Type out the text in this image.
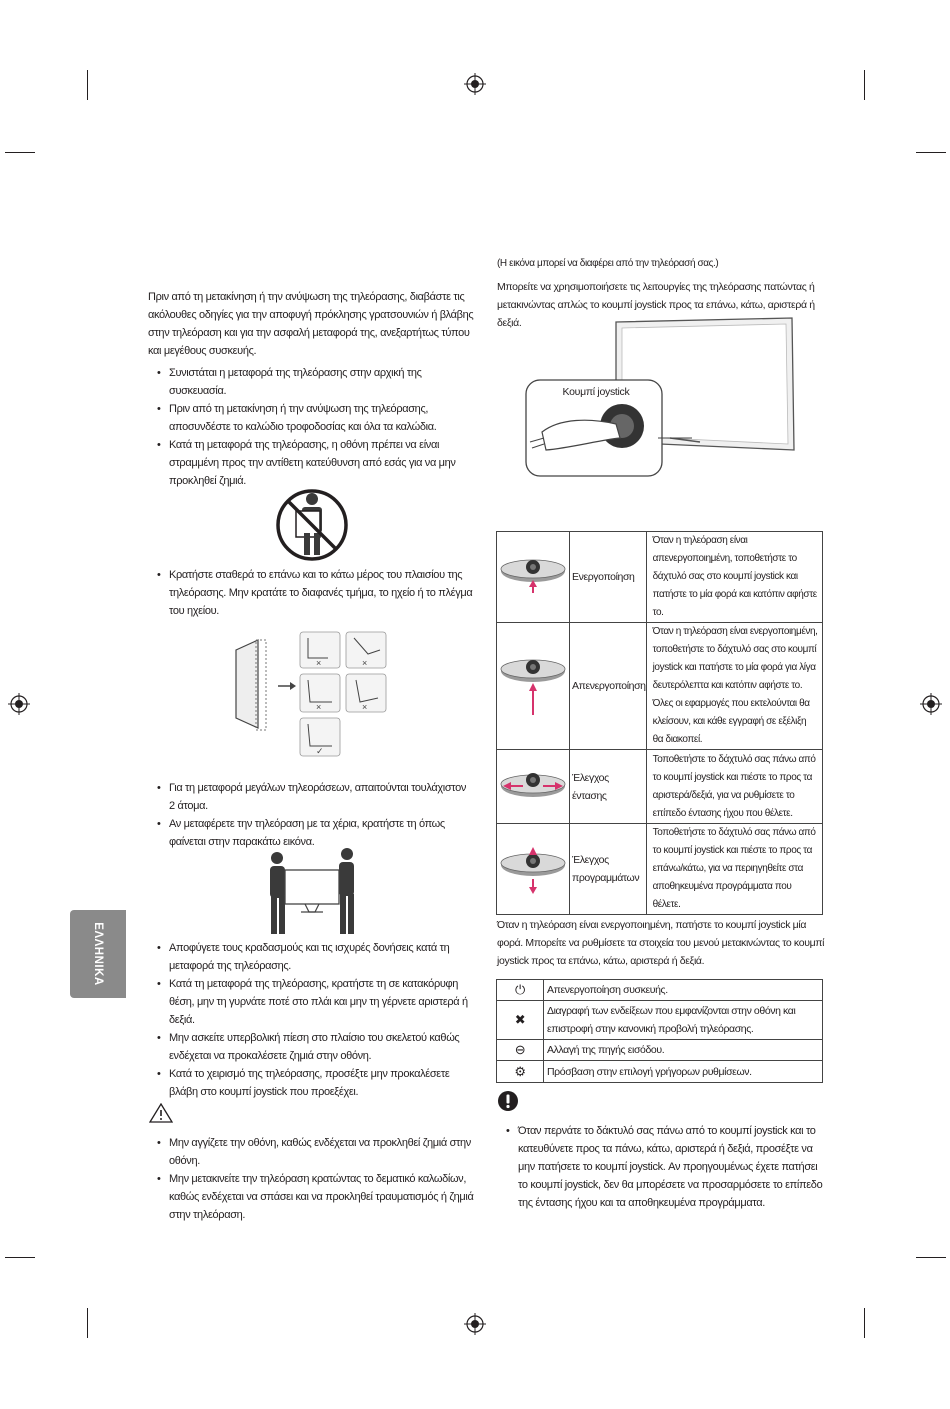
ΕΛΛΗΝΙΚΑ
Πριν από τη μετακίνηση ή την ανύψωση της τηλεόρασης, διαβάστε τις ακόλουθες οδηγίες για την αποφυγή πρόκλησης γρατσουνιών ή βλάβης στην τηλεόραση και για την ασφαλή μεταφορά της, ανεξαρτήτως τύπου και μεγέθους συσκευής.
• Συνιστάται η μεταφορά της τηλεόρασης στην αρχική της συσκευασία.
• Πριν από τη μετακίνηση ή την ανύψωση της τηλεόρασης, αποσυνδέστε το καλώδιο τροφοδοσίας και όλα τα καλώδια.
• Κατά τη μεταφορά της τηλεόρασης, η οθόνη πρέπει να είναι στραμμένη προς την αντίθετη κατεύθυνση από εσάς για να μην προκληθεί ζημιά.
• Κρατήστε σταθερά το επάνω και το κάτω μέρος του πλαισίου της τηλεόρασης. Μην κρατάτε το διαφανές τμήμα, το ηχείο ή το πλέγμα του ηχείου.
×	×
×	×
✓
• Για τη μεταφορά μεγάλων τηλεοράσεων, απαιτούνται τουλάχιστον 2 άτομα.
• Αν μεταφέρετε την τηλεόραση με τα χέρια, κρατήστε τη όπως φαίνεται στην παρακάτω εικόνα.
• Αποφύγετε τους κραδασμούς και τις ισχυρές δονήσεις κατά τη μεταφορά της τηλεόρασης.
• Κατά τη μεταφορά της τηλεόρασης, κρατήστε τη σε κατακόρυφη θέση, μην τη γυρνάτε ποτέ στο πλάι και μην τη γέρνετε αριστερά ή δεξιά.
• Μην ασκείτε υπερβολική πίεση στο πλαίσιο του σκελετού καθώς ενδέχεται να προκαλέσετε ζημιά στην οθόνη.
• Κατά το χειρισμό της τηλεόρασης, προσέξτε μην προκαλέσετε βλάβη στο κουμπί joystick που προεξέχει.
• Μην αγγίζετε την οθόνη, καθώς ενδέχεται να προκληθεί ζημιά στην οθόνη.
• Μην μετακινείτε την τηλεόραση κρατώντας το δεματικό καλωδίων, καθώς ενδέχεται να σπάσει και να προκληθεί τραυματισμός ή ζημιά στην τηλεόραση.
(Η εικόνα μπορεί να διαφέρει από την τηλεόρασή σας.)
Μπορείτε να χρησιμοποιήσετε τις λειτουργίες της τηλεόρασης πατώντας ή μετακινώντας απλώς το κουμπί joystick προς τα επάνω, κάτω, αριστερά ή δεξιά.
Κουμπί joystick
	Ενεργοποίηση	Όταν η τηλεόραση είναι απενεργοποιημένη, τοποθετήστε το δάχτυλό σας στο κουμπί joystick και πατήστε το μία φορά και κατόπιν αφήστε το.
	Απενεργοποίηση	Όταν η τηλεόραση είναι ενεργοποιημένη, τοποθετήστε το δάχτυλό σας στο κουμπί joystick και πατήστε το μία φορά για λίγα δευτερόλεπτα και κατόπιν αφήστε το. Όλες οι εφαρμογές που εκτελούνται θα κλείσουν, και κάθε εγγραφή σε εξέλιξη θα διακοπεί.
	Έλεγχος έντασης	Τοποθετήστε το δάχτυλό σας πάνω από το κουμπί joystick και πιέστε το προς τα αριστερά/δεξιά, για να ρυθμίσετε το επίπεδο έντασης ήχου που θέλετε.
	Έλεγχος προγραμμάτων	Τοποθετήστε το δάχτυλό σας πάνω από το κουμπί joystick και πιέστε το προς τα επάνω/κάτω, για να περιηγηθείτε στα αποθηκευμένα προγράμματα που θέλετε.
Όταν η τηλεόραση είναι ενεργοποιημένη, πατήστε το κουμπί joystick μία φορά. Μπορείτε να ρυθμίσετε τα στοιχεία του μενού μετακινώντας το κουμπί joystick προς τα επάνω, κάτω, αριστερά ή δεξιά.
⏻	Απενεργοποίηση συσκευής.
✖	Διαγραφή των ενδείξεων που εμφανίζονται στην οθόνη και επιστροφή στην κανονική προβολή τηλεόρασης.
⊖	Αλλαγή της πηγής εισόδου.
⚙	Πρόσβαση στην επιλογή γρήγορων ρυθμίσεων.
• Όταν περνάτε το δάκτυλό σας πάνω από το κουμπί joystick και το κατευθύνετε προς τα πάνω, κάτω, αριστερά ή δεξιά, προσέξτε να μην πατήσετε το κουμπί joystick. Αν προηγουμένως έχετε πατήσει το κουμπί joystick, δεν θα μπορέσετε να προσαρμόσετε το επίπεδο της έντασης ήχου και τα αποθηκευμένα προγράμματα.
